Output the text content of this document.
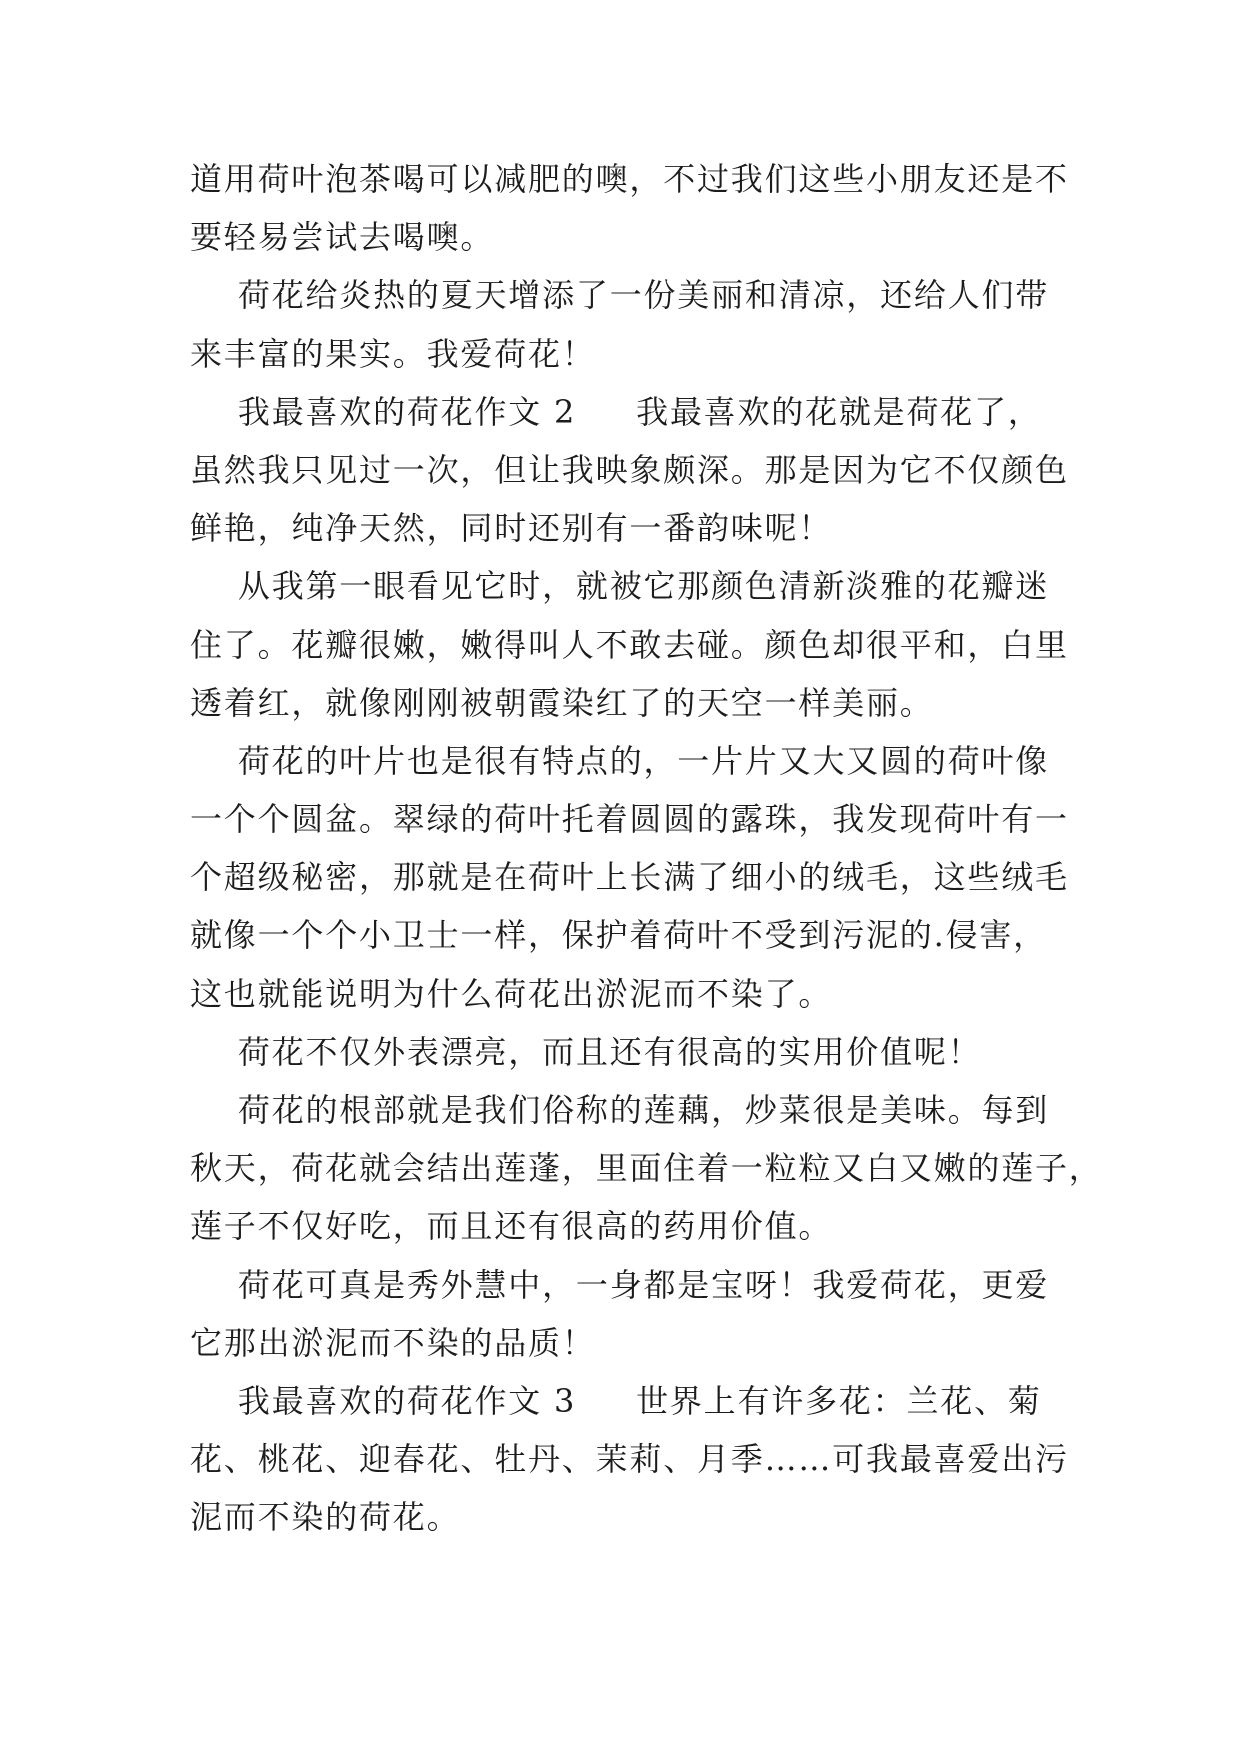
道用荷叶泡茶喝可以减肥的噢，不过我们这些小朋友还是不
要轻易尝试去喝噢。
荷花给炎热的夏天增添了一份美丽和清凉，还给人们带
来丰富的果实。我爱荷花！
我最喜欢的荷花作文 2     我最喜欢的花就是荷花了，
虽然我只见过一次，但让我映象颇深。那是因为它不仅颜色
鲜艳，纯净天然，同时还别有一番韵味呢！
从我第一眼看见它时，就被它那颜色清新淡雅的花瓣迷
住了。花瓣很嫩，嫩得叫人不敢去碰。颜色却很平和，白里
透着红，就像刚刚被朝霞染红了的天空一样美丽。
荷花的叶片也是很有特点的，一片片又大又圆的荷叶像
一个个圆盆。翠绿的荷叶托着圆圆的露珠，我发现荷叶有一
个超级秘密，那就是在荷叶上长满了细小的绒毛，这些绒毛
就像一个个小卫士一样，保护着荷叶不受到污泥的.侵害，
这也就能说明为什么荷花出淤泥而不染了。
荷花不仅外表漂亮，而且还有很高的实用价值呢！
荷花的根部就是我们俗称的莲藕，炒菜很是美味。每到
秋天，荷花就会结出莲蓬，里面住着一粒粒又白又嫩的莲子，
莲子不仅好吃，而且还有很高的药用价值。
荷花可真是秀外慧中，一身都是宝呀！我爱荷花，更爱
它那出淤泥而不染的品质！
我最喜欢的荷花作文 3     世界上有许多花：兰花、菊
花、桃花、迎春花、牡丹、茉莉、月季……可我最喜爱出污
泥而不染的荷花。
